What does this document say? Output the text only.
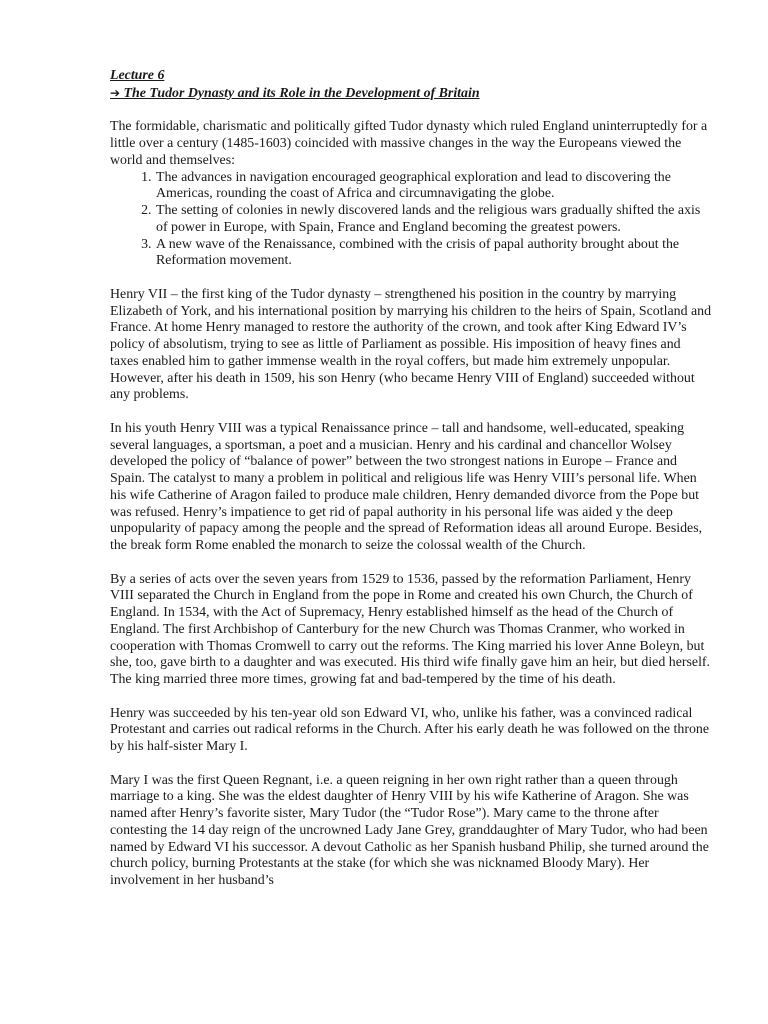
Lecture 6

➔ The Tudor Dynasty and its Role in the Development of Britain

The formidable, charismatic and politically gifted Tudor dynasty which ruled England uninterruptedly for a little over a century (1485-1603) coincided with massive changes in the way the Europeans viewed the world and themselves:

1. The advances in navigation encouraged geographical exploration and lead to discovering the Americas, rounding the coast of Africa and circumnavigating the globe.
2. The setting of colonies in newly discovered lands and the religious wars gradually shifted the axis of power in Europe, with Spain, France and England becoming the greatest powers.
3. A new wave of the Renaissance, combined with the crisis of papal authority brought about the Reformation movement.

Henry VII – the first king of the Tudor dynasty – strengthened his position in the country by marrying Elizabeth of York, and his international position by marrying his children to the heirs of Spain, Scotland and France. At home Henry managed to restore the authority of the crown, and took after King Edward IV’s policy of absolutism, trying to see as little of Parliament as possible. His imposition of heavy fines and taxes enabled him to gather immense wealth in the royal coffers, but made him extremely unpopular. However, after his death in 1509, his son Henry (who became Henry VIII of England) succeeded without any problems.

In his youth Henry VIII was a typical Renaissance prince – tall and handsome, well-educated, speaking several languages, a sportsman, a poet and a musician. Henry and his cardinal and chancellor Wolsey developed the policy of “balance of power” between the two strongest nations in Europe – France and Spain. The catalyst to many a problem in political and religious life was Henry VIII’s personal life. When his wife Catherine of Aragon failed to produce male children, Henry demanded divorce from the Pope but was refused. Henry’s impatience to get rid of papal authority in his personal life was aided y the deep unpopularity of papacy among the people and the spread of Reformation ideas all around Europe. Besides, the break form Rome enabled the monarch to seize the colossal wealth of the Church.

By a series of acts over the seven years from 1529 to 1536, passed by the reformation Parliament, Henry VIII separated the Church in England from the pope in Rome and created his own Church, the Church of England. In 1534, with the Act of Supremacy, Henry established himself as the head of the Church of England. The first Archbishop of Canterbury for the new Church was Thomas Cranmer, who worked in cooperation with Thomas Cromwell to carry out the reforms. The King married his lover Anne Boleyn, but she, too, gave birth to a daughter and was executed. His third wife finally gave him an heir, but died herself. The king married three more times, growing fat and bad-tempered by the time of his death.

Henry was succeeded by his ten-year old son Edward VI, who, unlike his father, was a convinced radical Protestant and carries out radical reforms in the Church. After his early death he was followed on the throne by his half-sister Mary I.

Mary I was the first Queen Regnant, i.e. a queen reigning in her own right rather than a queen through marriage to a king. She was the eldest daughter of Henry VIII by his wife Katherine of Aragon. She was named after Henry’s favorite sister, Mary Tudor (the “Tudor Rose”). Mary came to the throne after contesting the 14 day reign of the uncrowned Lady Jane Grey, granddaughter of Mary Tudor, who had been named by Edward VI his successor. A devout Catholic as her Spanish husband Philip, she turned around the church policy, burning Protestants at the stake (for which she was nicknamed Bloody Mary). Her involvement in her husband’s
